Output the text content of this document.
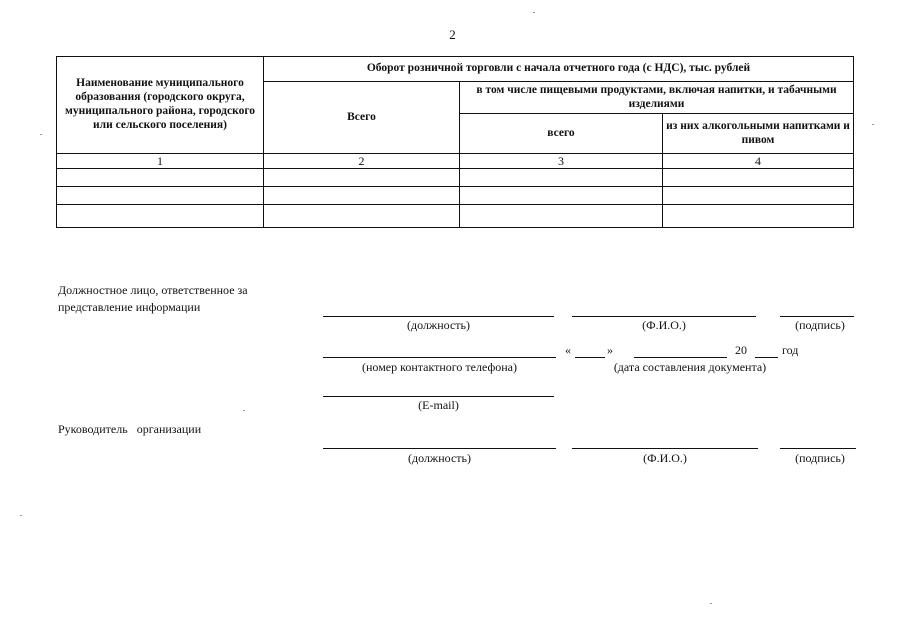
2
Наименование муниципального образования (городского округа, муниципального района, городского или сельского поселения)	Оборот розничной торговли с начала отчетного года (с НДС), тыс. рублей		
	Всего	в том числе пищевыми продуктами, включая напитки, и табачными изделиями	
		всего	из них алкогольными напитками и пивом
1	2	3	4

Должностное лицо, ответственное за представление информации
(должность)	(Ф.И.О.)	(подпись)
(номер контактного телефона)
«	»	20	год
(дата составления документа)
(E-mail)
Руководитель   организации
(должность)	(Ф.И.О.)	(подпись)
